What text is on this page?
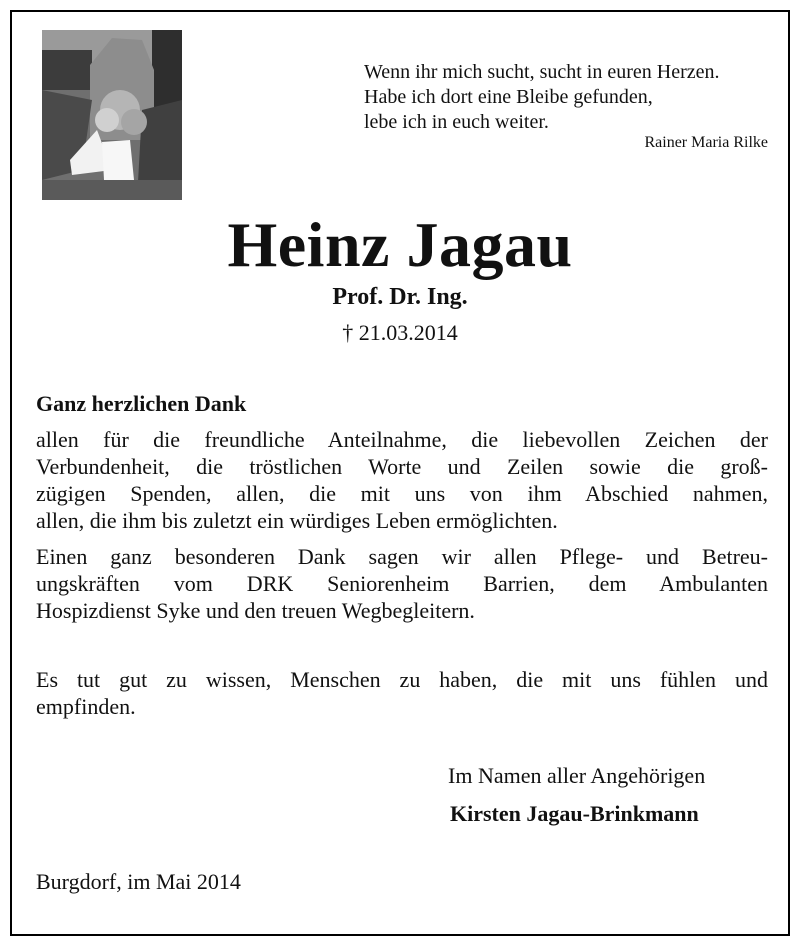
Wenn ihr mich sucht, sucht in euren Herzen.
Habe ich dort eine Bleibe gefunden,
lebe ich in euch weiter.
Rainer Maria Rilke
Heinz Jagau
Prof. Dr. Ing.
† 21.03.2014
Ganz herzlichen Dank
allen für die freundliche Anteilnahme, die liebevollen Zeichen der
Verbundenheit, die tröstlichen Worte und Zeilen sowie die groß-
zügigen Spenden, allen, die mit uns von ihm Abschied nahmen,
allen, die ihm bis zuletzt ein würdiges Leben ermöglichten.
Einen ganz besonderen Dank sagen wir allen Pflege- und Betreu-
ungskräften vom DRK Seniorenheim Barrien, dem Ambulanten
Hospizdienst Syke und den treuen Wegbegleitern.
Es tut gut zu wissen, Menschen zu haben, die mit uns fühlen und
empfinden.
Im Namen aller Angehörigen
Kirsten Jagau-Brinkmann
Burgdorf, im Mai 2014
